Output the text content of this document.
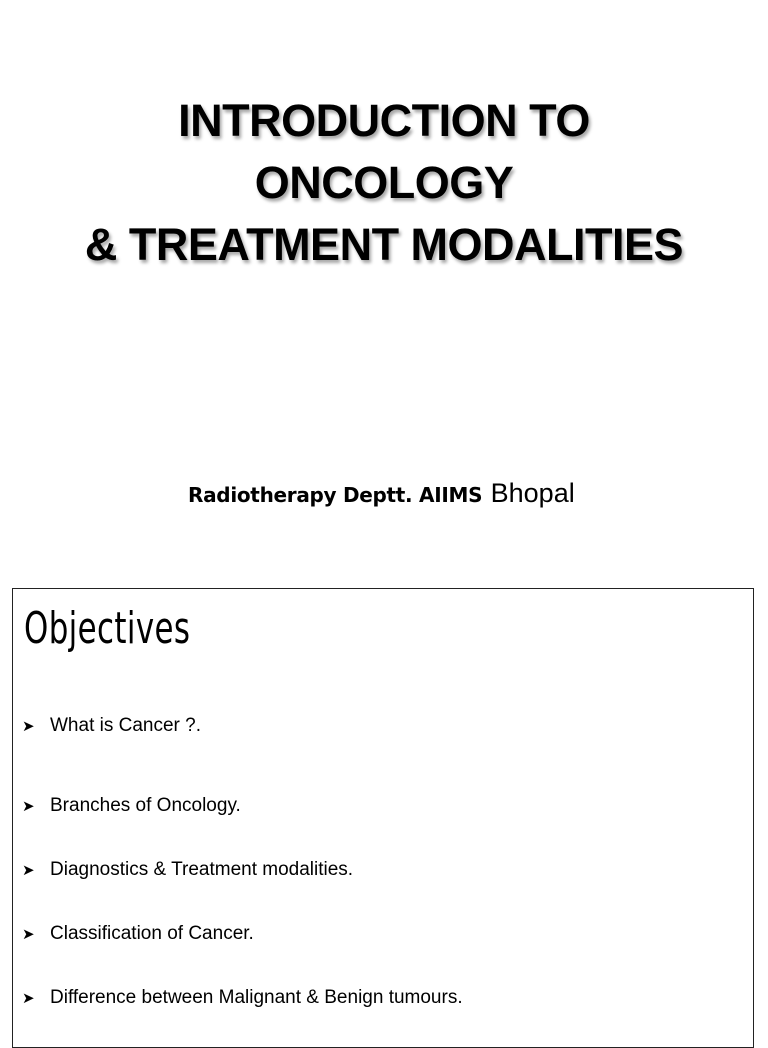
INTRODUCTION TO
ONCOLOGY
& TREATMENT MODALITIES
Radiotherapy Deptt. AIIMS Bhopal
Objectives
➤ What is Cancer ?.
➤ Branches of Oncology.
➤ Diagnostics & Treatment modalities.
➤ Classification of Cancer.
➤ Difference between Malignant & Benign tumours.
